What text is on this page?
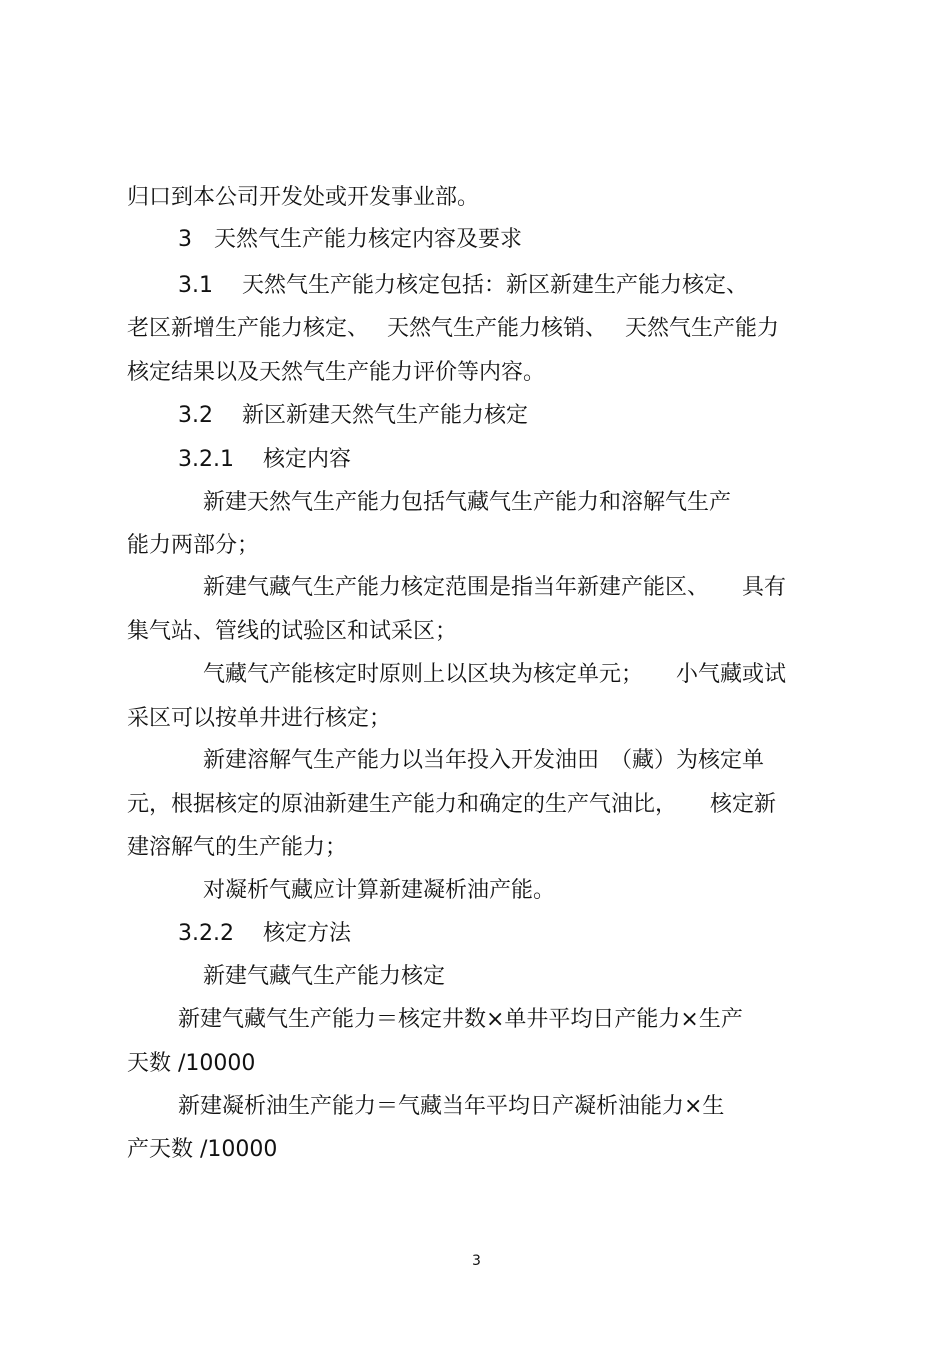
归口到本公司开发处或开发事业部。
3　天然气生产能力核定内容及要求
3.1　 天然气生产能力核定包括：新区新建生产能力核定、
老区新增生产能力核定、　 天然气生产能力核销、　 天然气生产能力
核定结果以及天然气生产能力评价等内容。
3.2　 新区新建天然气生产能力核定
3.2.1　 核定内容
新建天然气生产能力包括气藏气生产能力和溶解气生产
能力两部分；
新建气藏气生产能力核定范围是指当年新建产能区、　　具有
集气站、管线的试验区和试采区；
气藏气产能核定时原则上以区块为核定单元；　　小气藏或试
采区可以按单井进行核定；
新建溶解气生产能力以当年投入开发油田　（藏）为核定单
元，根据核定的原油新建生产能力和确定的生产气油比，　　核定新
建溶解气的生产能力；
对凝析气藏应计算新建凝析油产能。
3.2.2　 核定方法
新建气藏气生产能力核定
新建气藏气生产能力＝核定井数×单井平均日产能力×生产
天数 /10000
新建凝析油生产能力＝气藏当年平均日产凝析油能力×生
产天数 /10000
3
